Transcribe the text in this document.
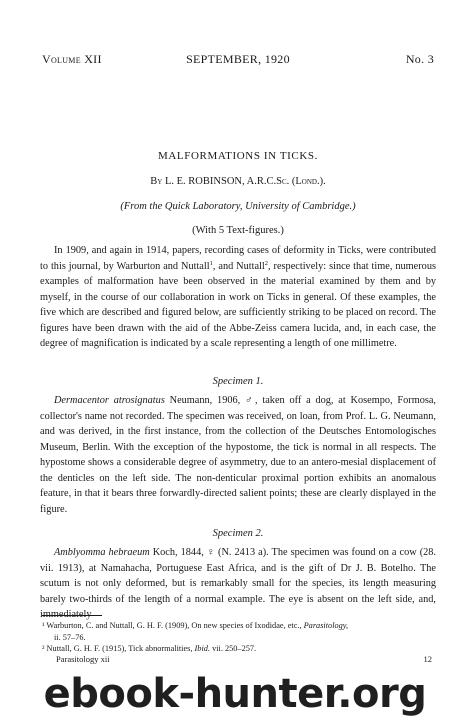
Volume XII	SEPTEMBER, 1920	No. 3
MALFORMATIONS IN TICKS.
By L. E. ROBINSON, A.R.C.Sc. (Lond.).
(From the Quick Laboratory, University of Cambridge.)
(With 5 Text-figures.)
In 1909, and again in 1914, papers, recording cases of deformity in Ticks, were contributed to this journal, by Warburton and Nuttall$^1$, and Nuttall$^2$, respectively: since that time, numerous examples of malformation have been observed in the material examined by them and by myself, in the course of our collaboration in work on Ticks in general. Of these examples, the five which are described and figured below, are sufficiently striking to be placed on record. The figures have been drawn with the aid of the Abbe-Zeiss camera lucida, and, in each case, the degree of magnification is indicated by a scale representing a length of one millimetre.
Specimen 1.
Dermacentor atrosignatus Neumann, 1906, ♂, taken off a dog, at Kosempo, Formosa, collector's name not recorded. The specimen was received, on loan, from Prof. L. G. Neumann, and was derived, in the first instance, from the collection of the Deutsches Entomologisches Museum, Berlin. With the exception of the hypostome, the tick is normal in all respects. The hypostome shows a considerable degree of asymmetry, due to an antero-mesial displacement of the denticles on the left side. The non-denticular proximal portion exhibits an anomalous feature, in that it bears three forwardly-directed salient points; these are clearly displayed in the figure.
Specimen 2.
Amblyomma hebraeum Koch, 1844, ♀ (N. 2413 a). The specimen was found on a cow (28. vii. 1913), at Namahacha, Portuguese East Africa, and is the gift of Dr J. B. Botelho. The scutum is not only deformed, but is remarkably small for the species, its length measuring barely two-thirds of the length of a normal example. The eye is absent on the left side, and, immediately

¹ Warburton, C. and Nuttall, G. H. F. (1909), On new species of Ixodidae, etc., Parasitology,

ii. 57–76.

² Nuttall, G. H. F. (1915), Tick abnormalities, Ibid. vii. 250–257.

Parasitology xii	12
ebook-hunter.org
